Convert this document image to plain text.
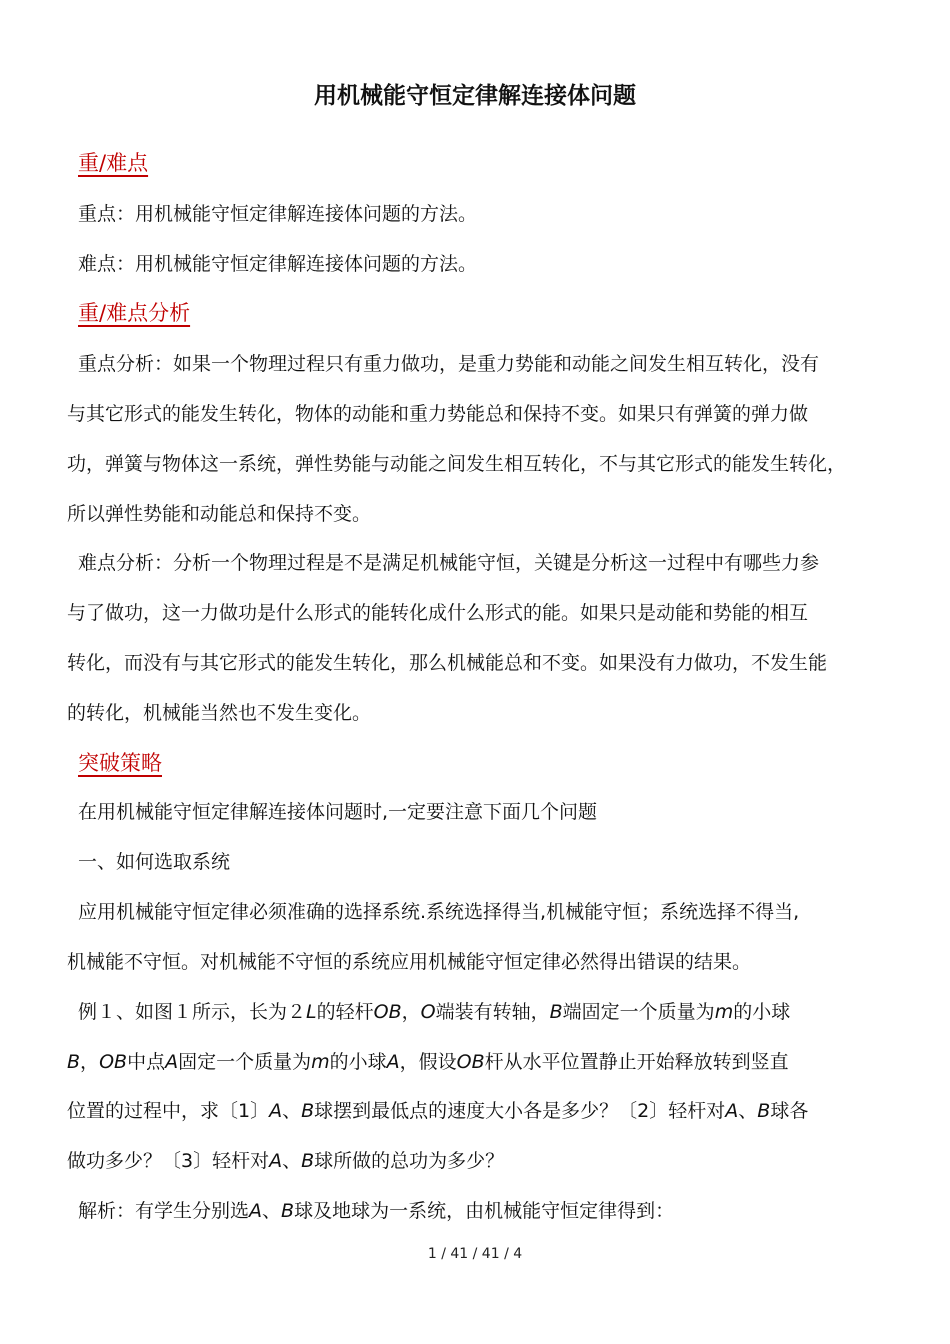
用机械能守恒定律解连接体问题
重/难点
重点：用机械能守恒定律解连接体问题的方法。
难点：用机械能守恒定律解连接体问题的方法。
重/难点分析
重点分析：如果一个物理过程只有重力做功，是重力势能和动能之间发生相互转化，没有
与其它形式的能发生转化，物体的动能和重力势能总和保持不变。如果只有弹簧的弹力做
功，弹簧与物体这一系统，弹性势能与动能之间发生相互转化，不与其它形式的能发生转化，
所以弹性势能和动能总和保持不变。
难点分析：分析一个物理过程是不是满足机械能守恒，关键是分析这一过程中有哪些力参
与了做功，这一力做功是什么形式的能转化成什么形式的能。如果只是动能和势能的相互
转化，而没有与其它形式的能发生转化，那么机械能总和不变。如果没有力做功，不发生能
的转化，机械能当然也不发生变化。
突破策略
在用机械能守恒定律解连接体问题时,一定要注意下面几个问题
一、如何选取系统
应用机械能守恒定律必须准确的选择系统.系统选择得当,机械能守恒；系统选择不得当,
机械能不守恒。对机械能不守恒的系统应用机械能守恒定律必然得出错误的结果。
例１、如图１所示，长为２L的轻杆OB，O端装有转轴，B端固定一个质量为m的小球
B，OB中点A固定一个质量为m的小球A，假设OB杆从水平位置静止开始释放转到竖直
位置的过程中，求〔1〕A、B球摆到最低点的速度大小各是多少？〔2〕轻杆对A、B球各
做功多少？〔3〕轻杆对A、B球所做的总功为多少？
解析：有学生分别选A、B球及地球为一系统，由机械能守恒定律得到：
1 / 41 / 41 / 4
